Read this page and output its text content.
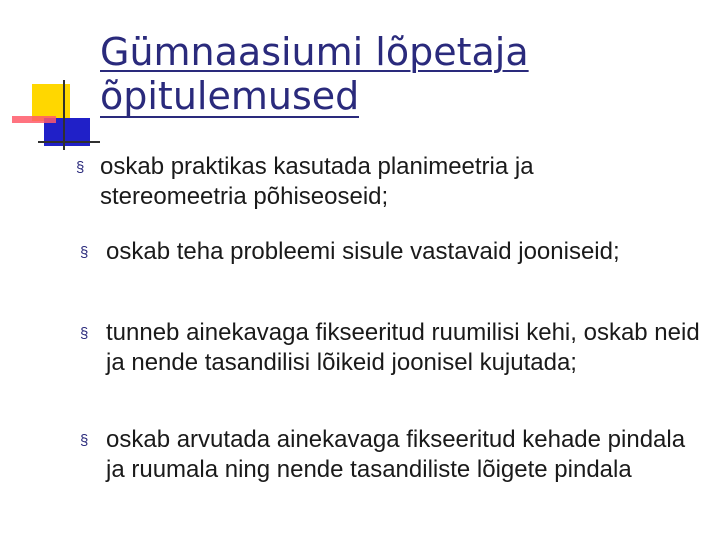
Gümnaasiumi lõpetaja
õpitulemused
§ oskab praktikas kasutada planimeetria ja stereomeetria põhiseoseid;
§ oskab teha probleemi sisule vastavaid jooniseid;
§ tunneb ainekavaga fikseeritud ruumilisi kehi, oskab neid ja nende tasandilisi lõikeid joonisel kujutada;
§ oskab arvutada ainekavaga fikseeritud kehade pindala ja ruumala ning nende tasandiliste lõigete pindala
